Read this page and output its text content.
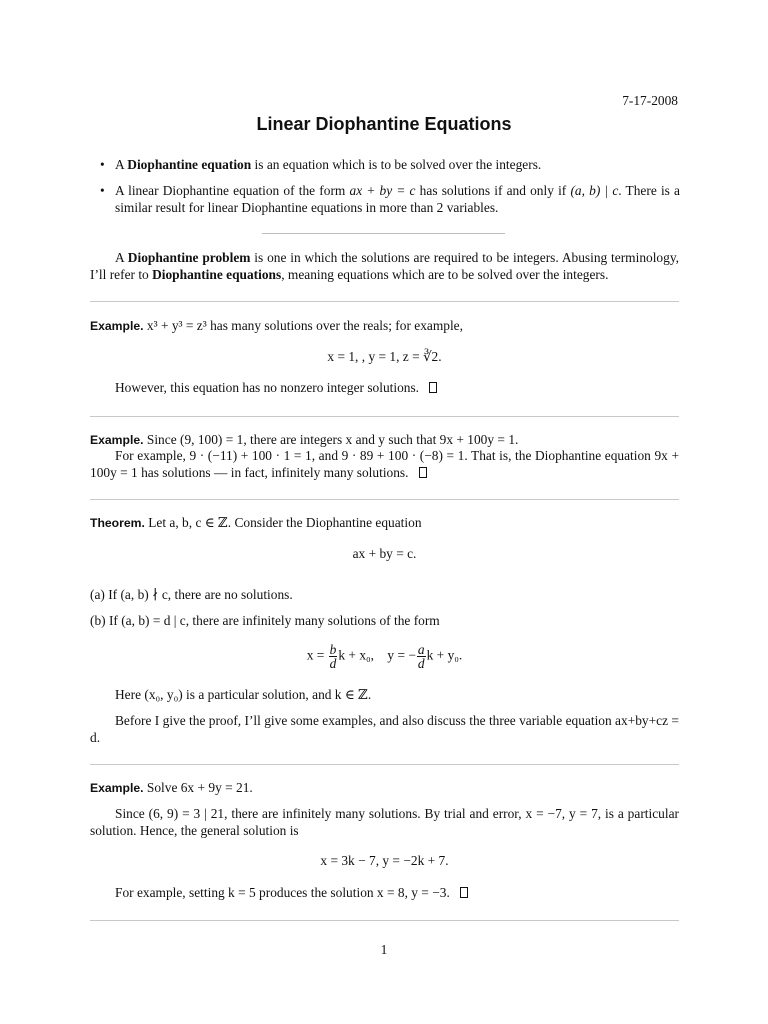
7-17-2008
Linear Diophantine Equations
• A Diophantine equation is an equation which is to be solved over the integers.
• A linear Diophantine equation of the form ax + by = c has solutions if and only if (a, b) | c. There is a similar result for linear Diophantine equations in more than 2 variables.
A Diophantine problem is one in which the solutions are required to be integers. Abusing terminology, I’ll refer to Diophantine equations, meaning equations which are to be solved over the integers.
Example. x³ + y³ = z³ has many solutions over the reals; for example,
x = 1, , y = 1, z = ∛2.
However, this equation has no nonzero integer solutions.
Example. Since (9, 100) = 1, there are integers x and y such that 9x + 100y = 1.
For example, 9 · (−11) + 100 · 1 = 1, and 9 · 89 + 100 · (−8) = 1. That is, the Diophantine equation 9x + 100y = 1 has solutions — in fact, infinitely many solutions.
Theorem. Let a, b, c ∈ ℤ. Consider the Diophantine equation
ax + by = c.
(a) If (a, b) ∤ c, there are no solutions.
(b) If (a, b) = d | c, there are infinitely many solutions of the form
$x = \frac{b}{d}$ k + x₀, y = − $\frac{a}{d}$ k + y₀.
Here (x₀, y₀) is a particular solution, and k ∈ ℤ.
Before I give the proof, I’ll give some examples, and also discuss the three variable equation ax+by+cz = d.
Example. Solve 6x + 9y = 21.
Since (6, 9) = 3 | 21, there are infinitely many solutions. By trial and error, x = −7, y = 7, is a particular solution. Hence, the general solution is
x = 3k − 7, y = −2k + 7.
For example, setting k = 5 produces the solution x = 8, y = −3.
1
